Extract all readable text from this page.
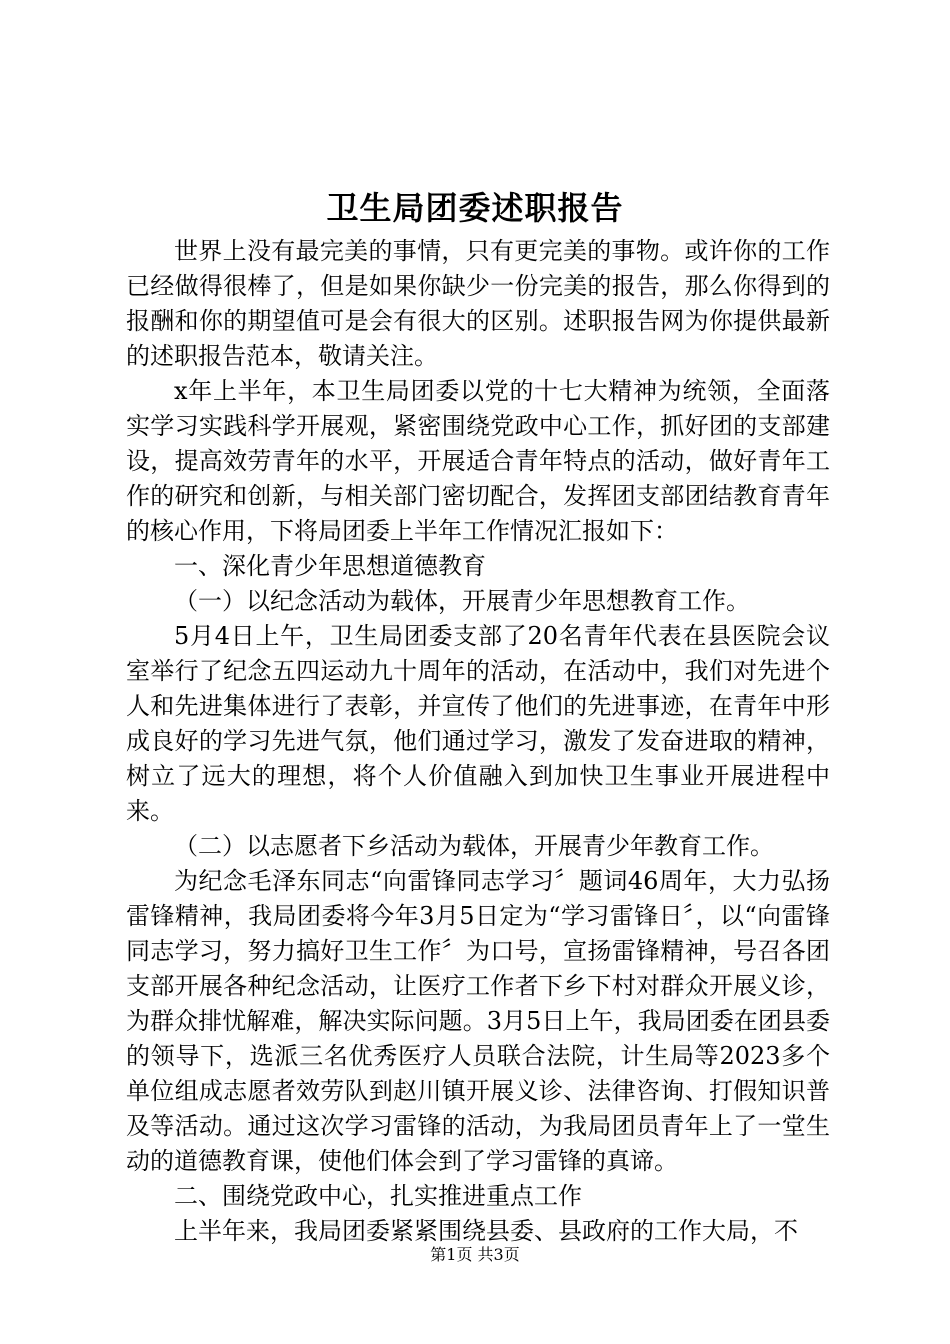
卫生局团委述职报告

世界上没有最完美的事情，只有更完美的事物。或许你的工作已经做得很棒了，但是如果你缺少一份完美的报告，那么你得到的报酬和你的期望值可是会有很大的区别。述职报告网为你提供最新的述职报告范本，敬请关注。

x年上半年，本卫生局团委以党的十七大精神为统领，全面落实学习实践科学开展观，紧密围绕党政中心工作，抓好团的支部建设，提高效劳青年的水平，开展适合青年特点的活动，做好青年工作的研究和创新，与相关部门密切配合，发挥团支部团结教育青年的核心作用，下将局团委上半年工作情况汇报如下：

一、深化青少年思想道德教育

（一）以纪念活动为载体，开展青少年思想教育工作。

5月4日上午，卫生局团委支部了20名青年代表在县医院会议室举行了纪念五四运动九十周年的活动，在活动中，我们对先进个人和先进集体进行了表彰，并宣传了他们的先进事迹，在青年中形成良好的学习先进气氛，他们通过学习，激发了发奋进取的精神，树立了远大的理想，将个人价值融入到加快卫生事业开展进程中来。

（二）以志愿者下乡活动为载体，开展青少年教育工作。

为纪念毛泽东同志“向雷锋同志学习〞题词46周年，大力弘扬雷锋精神，我局团委将今年3月5日定为“学习雷锋日〞，以“向雷锋同志学习，努力搞好卫生工作〞为口号，宣扬雷锋精神，号召各团支部开展各种纪念活动，让医疗工作者下乡下村对群众开展义诊，为群众排忧解难，解决实际问题。3月5日上午，我局团委在团县委的领导下，选派三名优秀医疗人员联合法院，计生局等2023多个单位组成志愿者效劳队到赵川镇开展义诊、法律咨询、打假知识普及等活动。通过这次学习雷锋的活动，为我局团员青年上了一堂生动的道德教育课，使他们体会到了学习雷锋的真谛。

二、围绕党政中心，扎实推进重点工作

上半年来，我局团委紧紧围绕县委、县政府的工作大局，不

第1页 共3页
